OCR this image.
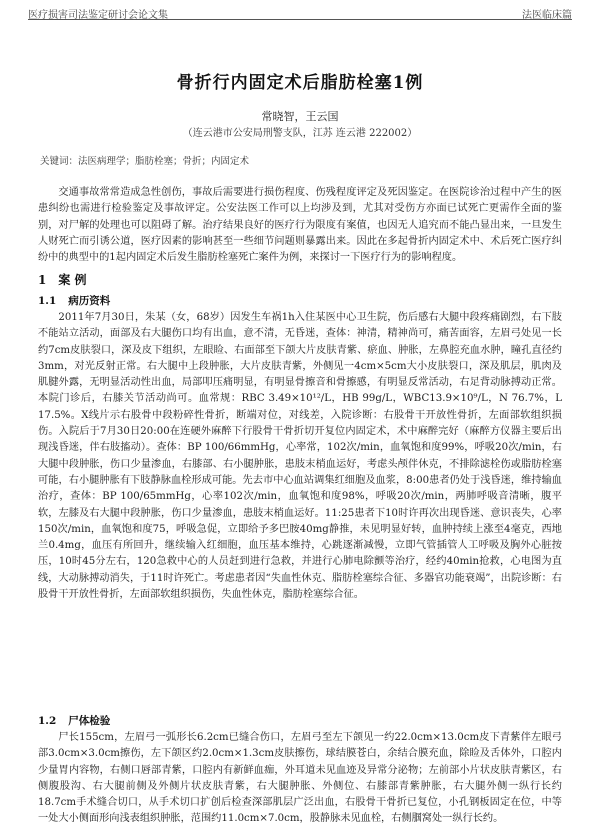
医疗损害司法鉴定研讨会论文集	法医临床篇
骨折行内固定术后脂肪栓塞1例
常晓智，王云国
（连云港市公安局刑警支队，江苏 连云港 222002）
关键词：法医病理学；脂肪栓塞；骨折；内固定术

交通事故常常造成急性创伤，事故后需要进行损伤程度、伤残程度评定及死因鉴定。在医院诊治过程中产生的医患纠纷也需进行检验鉴定及事故评定。公安法医工作可以上均涉及到，尤其对受伤方亦面已试死亡更需作全面的鉴别，对尸解的处理也可以阻碍了解。治疗结果良好的医疗行为限度有案值，也因无人追究而不能凸显出来，一旦发生人财死亡而引诱公道，医疗因素的影响甚至一些细节问题则暴露出来。因此在多起骨折内固定术中、术后死亡医疗纠纷中的典型中的1起内固定术后发生脂肪栓塞死亡案件为例，来探讨一下医疗行为的影响程度。

1 案 例
1.1 病历资料

2011年7月30日，朱某（女，68岁）因发生车祸1h入住某医中心卫生院，伤后感右大腿中段疼痛剧烈，右下肢不能站立活动，面部及右大腿伤口均有出血，意不清，无昏迷，查体：神清，精神尚可，痛苦面容，左眉弓处见一长约7cm皮肤裂口，深及皮下组织，左眼睑、右面部至下颌大片皮肤青紫、瘀血、肿胀，左鼻腔充血水肿，瞳孔直径约3mm，对光反射正常。右大腿中上段肿胀，大片皮肤青紫，外侧见一4cm×5cm大小皮肤裂口，深及肌层，肌肉及肌腱外露，无明显活动性出血，局部叩压痛明显，有明显骨擦音和骨擦感，有明显反常活动，右足背动脉搏动正常。本院门诊后，右膝关节活动尚可。血常规：RBC 3.49×10¹²/L，HB 99g/L，WBC13.9×10⁹/L，N 76.7%，L 17.5%。X线片示右股骨中段粉碎性骨折，断端对位，对线差，入院诊断：右股骨干开放性骨折，左面部软组织损伤。入院后于7月30日20:00在连硬外麻醉下行股骨干骨折切开复位内固定术，术中麻醉完好（麻醉方仪器主要后出现浅昏迷，伴右肢搐动）。查体：BP 100/66mmHg，心率常，102次/min，血氧饱和度99%，呼吸20次/min，右大腿中段肿胀，伤口少量渗血，右膝部、右小腿肿胀，患肢末梢血运好，考虑头颅伴休克，不排除滤栓伤或脂肪栓塞可能，右小腿肿胀有下肢静脉血栓形成可能。先去市中心血站调集红细胞及血浆，8:00患者仍处于浅昏迷，维持输血治疗，查体：BP 100/65mmHg，心率102次/min，血氧饱和度98%，呼吸20次/min，两肺呼吸音清晰，腹平软，左膝及右大腿中段肿胀，伤口少量渗血，患肢末梢血运好。11:25患者下10时许再次出现昏迷、意识丧失，心率150次/min，血氧饱和度75，呼吸急促，立即给予多巴胺40mg静推，未见明显好转，血肿持续上涨至4毫克，西地兰0.4mg，血压有所回升，继续输入红细胞，血压基本维持，心跳逐渐减慢，立即气管插管人工呼吸及胸外心脏按压，10时45分左右，120急救中心的人员赶到进行急救，并进行心肺电除颤等治疗，经约40min抢救，心电图为直线，大动脉搏动消失，于11时许死亡。考虑患者因“失血性休克、脂肪栓塞综合征、多器官功能衰竭”，出院诊断：右股骨干开放性骨折，左面部软组织损伤，失血性休克，脂肪栓塞综合征。

1.2 尸体检验

尸长155cm，左眉弓一弧形长6.2cm已缝合伤口，左眉弓至左下颌见一约22.0cm×13.0cm皮下青紫伴左眼弓部3.0cm×3.0cm擦伤，左下颌区约2.0cm×1.3cm皮肤擦伤，球结膜苍白，余结合膜充血，除睑及舌体外，口腔内少量胃内容物，右侧口唇部青紫，口腔内有新鲜血痂，外耳道未见血迹及异常分泌物；左前部小片状皮肤青紫区，右侧腹股沟、右大腿前侧及外侧片状皮肤青紫，右大腿肿胀、外侧位、右膝部青紫肿胀，右大腿外侧一纵行长约18.7cm手术缝合切口，从手术切口扩创后检查深部肌层广泛出血，右股骨干骨折已复位，小孔钢板固定在位，中等一处大小侧面形向浅表组织肿胀，范围约11.0cm×7.0cm，股静脉未见血栓，右侧腘窝处一纵行长约。
